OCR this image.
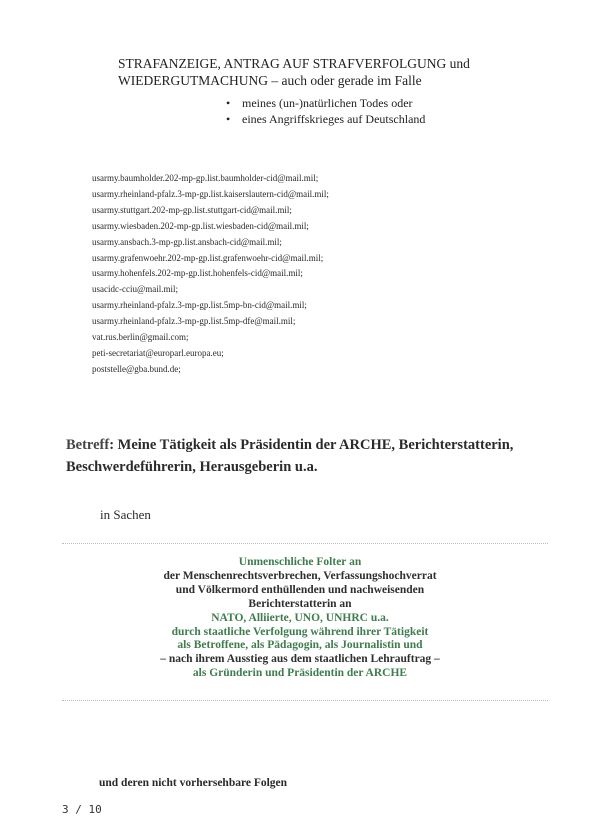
STRAFANZEIGE, ANTRAG AUF STRAFVERFOLGUNG und
WIEDERGUTMACHUNG – auch oder gerade im Falle
• meines (un-)natürlichen Todes oder
• eines Angriffskrieges auf Deutschland
usarmy.baumholder.202-mp-gp.list.baumholder-cid@mail.mil;
usarmy.rheinland-pfalz.3-mp-gp.list.kaiserslautern-cid@mail.mil;
usarmy.stuttgart.202-mp-gp.list.stuttgart-cid@mail.mil;
usarmy.wiesbaden.202-mp-gp.list.wiesbaden-cid@mail.mil;
usarmy.ansbach.3-mp-gp.list.ansbach-cid@mail.mil;
usarmy.grafenwoehr.202-mp-gp.list.grafenwoehr-cid@mail.mil;
usarmy.hohenfels.202-mp-gp.list.hohenfels-cid@mail.mil;
usacidc-cciu@mail.mil;
usarmy.rheinland-pfalz.3-mp-gp.list.5mp-bn-cid@mail.mil;
usarmy.rheinland-pfalz.3-mp-gp.list.5mp-dfe@mail.mil;
vat.rus.berlin@gmail.com;
peti-secretariat@europarl.europa.eu;
poststelle@gba.bund.de;
Betreff: Meine Tätigkeit als Präsidentin der ARCHE, Berichterstatterin,
Beschwerdeführerin, Herausgeberin u.a.
in Sachen
Unmenschliche Folter an
der Menschenrechtsverbrechen, Verfassungshochverrat
und Völkermord enthüllenden und nachweisenden
Berichterstatterin an
NATO, Alliierte, UNO, UNHRC u.a.
durch staatliche Verfolgung während ihrer Tätigkeit
als Betroffene, als Pädagogin, als Journalistin und
– nach ihrem Ausstieg aus dem staatlichen Lehrauftrag –
als Gründerin und Präsidentin der ARCHE
und deren nicht vorhersehbare Folgen
3 / 10
